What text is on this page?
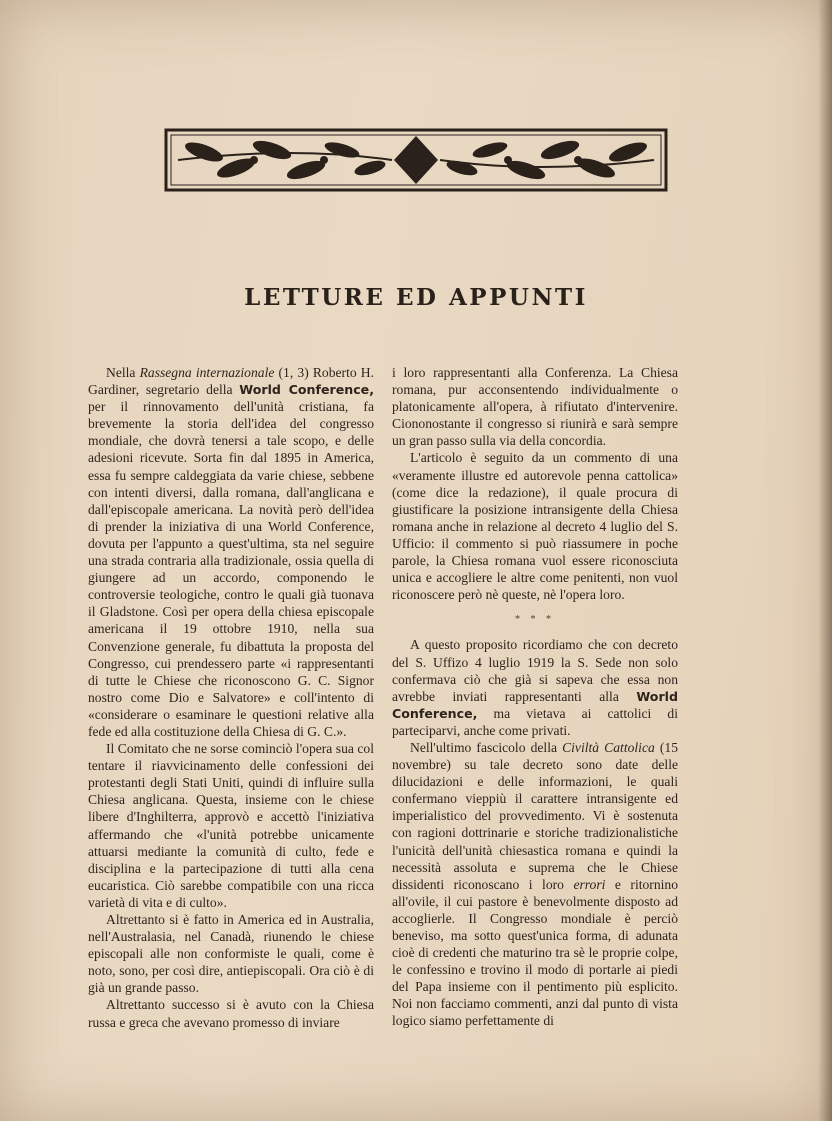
LETTURE ED APPUNTI

Nella Rassegna internazionale (1, 3) Roberto H. Gardiner, segretario della World Conference, per il rinnovamento dell'unità cristiana, fa brevemente la storia dell'idea del congresso mondiale, che dovrà tenersi a tale scopo, e delle adesioni ricevute. Sorta fin dal 1895 in America, essa fu sempre caldeggiata da varie chiese, sebbene con intenti diversi, dalla romana, dall'anglicana e dall'episcopale americana. La novità però dell'idea di prender la iniziativa di una World Conference, dovuta per l'appunto a quest'ultima, sta nel seguire una strada contraria alla tradizionale, ossia quella di giungere ad un accordo, componendo le controversie teologiche, contro le quali già tuonava il Gladstone. Così per opera della chiesa episcopale americana il 19 ottobre 1910, nella sua Convenzione generale, fu dibattuta la proposta del Congresso, cui prendessero parte «i rappresentanti di tutte le Chiese che riconoscono G. C. Signor nostro come Dio e Salvatore» e coll'intento di «considerare o esaminare le questioni relative alla fede ed alla costituzione della Chiesa di G. C.».

Il Comitato che ne sorse cominciò l'opera sua col tentare il riavvicinamento delle confessioni dei protestanti degli Stati Uniti, quindi di influire sulla Chiesa anglicana. Questa, insieme con le chiese libere d'Inghilterra, approvò e accettò l'iniziativa affermando che «l'unità potrebbe unicamente attuarsi mediante la comunità di culto, fede e disciplina e la partecipazione di tutti alla cena eucaristica. Ciò sarebbe compatibile con una ricca varietà di vita e di culto».

Altrettanto si è fatto in America ed in Australia, nell'Australasia, nel Canadà, riunendo le chiese episcopali alle non conformiste le quali, come è noto, sono, per così dire, antiepiscopali. Ora ciò è di già un grande passo.

Altrettanto successo si è avuto con la Chiesa russa e greca che avevano promesso di inviare

i loro rappresentanti alla Conferenza. La Chiesa romana, pur acconsentendo individualmente o platonicamente all'opera, à rifiutato d'intervenire. Ciononostante il congresso si riunirà e sarà sempre un gran passo sulla via della concordia.

L'articolo è seguito da un commento di una «veramente illustre ed autorevole penna cattolica» (come dice la redazione), il quale procura di giustificare la posizione intransigente della Chiesa romana anche in relazione al decreto 4 luglio del S. Ufficio: il commento si può riassumere in poche parole, la Chiesa romana vuol essere riconosciuta unica e accogliere le altre come penitenti, non vuol riconoscere però nè queste, nè l'opera loro.

* * *

A questo proposito ricordiamo che con decreto del S. Uffizo 4 luglio 1919 la S. Sede non solo confermava ciò che già si sapeva che essa non avrebbe inviati rappresentanti alla World Conference, ma vietava ai cattolici di parteciparvi, anche come privati.

Nell'ultimo fascicolo della Civiltà Cattolica (15 novembre) su tale decreto sono date delle dilucidazioni e delle informazioni, le quali confermano vieppiù il carattere intransigente ed imperialistico del provvedimento. Vi è sostenuta con ragioni dottrinarie e storiche tradizionalistiche l'unicità dell'unità chiesastica romana e quindi la necessità assoluta e suprema che le Chiese dissidenti riconoscano i loro errori e ritornino all'ovile, il cui pastore è benevolmente disposto ad accoglierle. Il Congresso mondiale è perciò beneviso, ma sotto quest'unica forma, di adunata cioè di credenti che maturino tra sè le proprie colpe, le confessino e trovino il modo di portarle ai piedi del Papa insieme con il pentimento più esplicito. Noi non facciamo commenti, anzi dal punto di vista logico siamo perfettamente di
